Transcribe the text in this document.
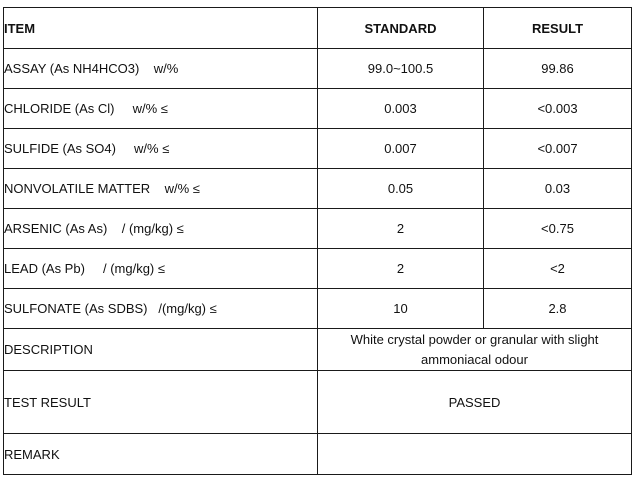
ITEM	STANDARD	RESULT
ASSAY (As NH4HCO3)    w/%	99.0~100.5	99.86
CHLORIDE (As Cl)     w/% ≤	0.003	<0.003
SULFIDE (As SO4)     w/% ≤	0.007	<0.007
NONVOLATILE MATTER    w/% ≤	0.05	0.03
ARSENIC (As As)    / (mg/kg) ≤	2	<0.75
LEAD (As Pb)     / (mg/kg) ≤	2	<2
SULFONATE (As SDBS)   /(mg/kg) ≤	10	2.8
DESCRIPTION	White crystal powder or granular with slight
ammoniacal odour	

TEST RESULT	PASSED	
REMARK		
